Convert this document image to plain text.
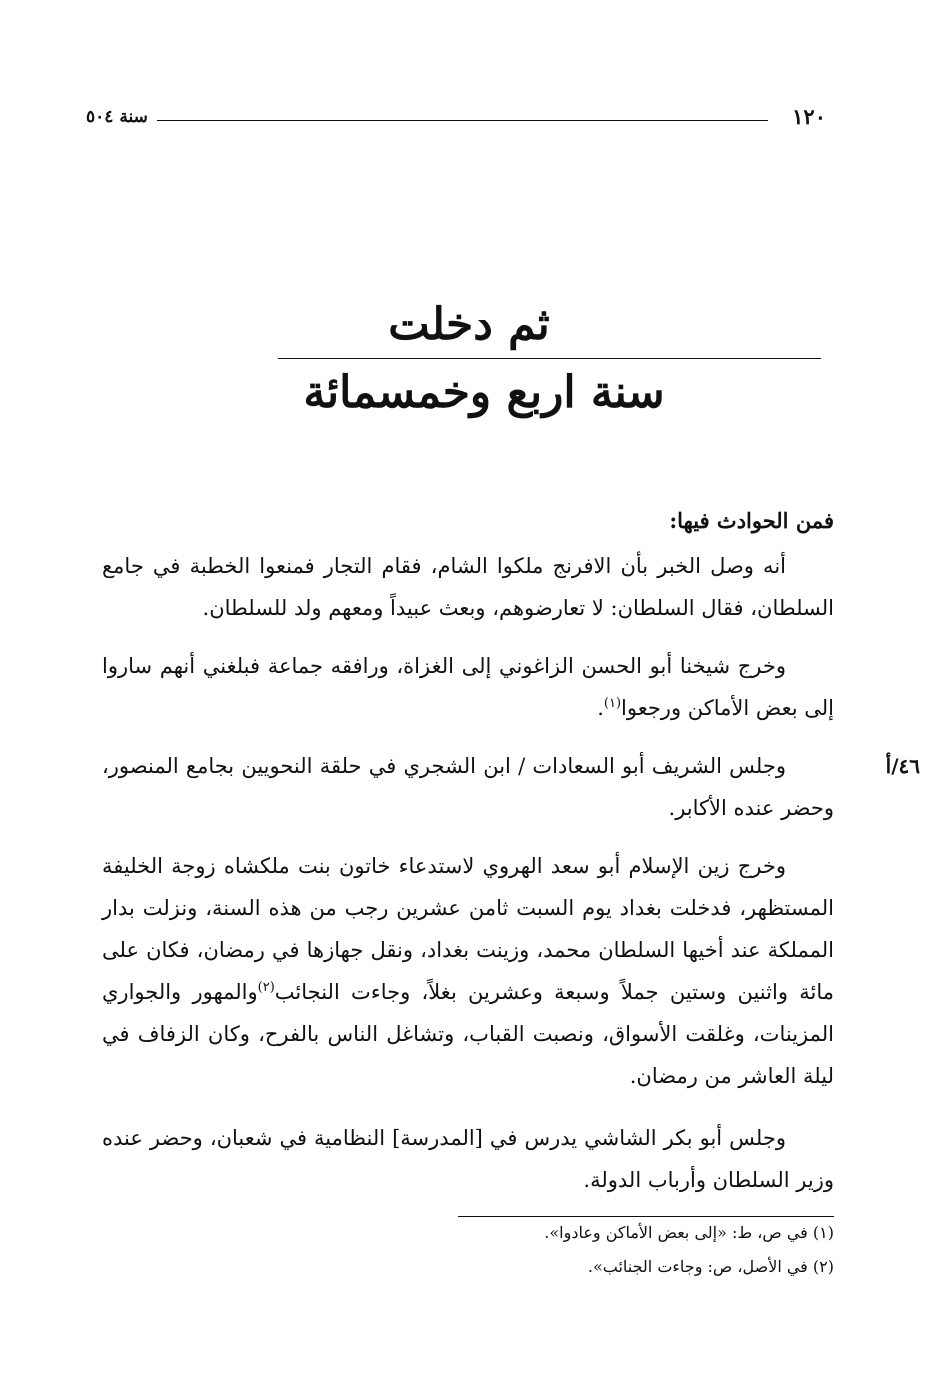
١٢٠
سنة ٥٠٤
ثم دخلت
سنة اربع وخمسمائة
فمن الحوادث فيها:
أنه وصل الخبر بأن الافرنج ملكوا الشام، فقام التجار فمنعوا الخطبة في جامع السلطان، فقال السلطان: لا تعارضوهم، وبعث عبيداً ومعهم ولد للسلطان.
وخرج شيخنا أبو الحسن الزاغوني إلى الغزاة، ورافقه جماعة فبلغني أنهم ساروا إلى بعض الأماكن ورجعوا$^{(١)}$.
٤٦/أ
وجلس الشريف أبو السعادات / ابن الشجري في حلقة النحويين بجامع المنصور، وحضر عنده الأكابر.
وخرج زين الإسلام أبو سعد الهروي لاستدعاء خاتون بنت ملكشاه زوجة الخليفة المستظهر، فدخلت بغداد يوم السبت ثامن عشرين رجب من هذه السنة، ونزلت بدار المملكة عند أخيها السلطان محمد، وزينت بغداد، ونقل جهازها في رمضان، فكان على مائة واثنين وستين جملاً وسبعة وعشرين بغلاً، وجاءت النجائب$^{(٢)}$والمهور والجواري المزينات، وغلقت الأسواق، ونصبت القباب، وتشاغل الناس بالفرح، وكان الزفاف في ليلة العاشر من رمضان.
وجلس أبو بكر الشاشي يدرس في [المدرسة] النظامية في شعبان، وحضر عنده وزير السلطان وأرباب الدولة.
(١) في ص، ط: «إلى بعض الأماكن وعادوا».
(٢) في الأصل، ص: وجاءت الجنائب».
